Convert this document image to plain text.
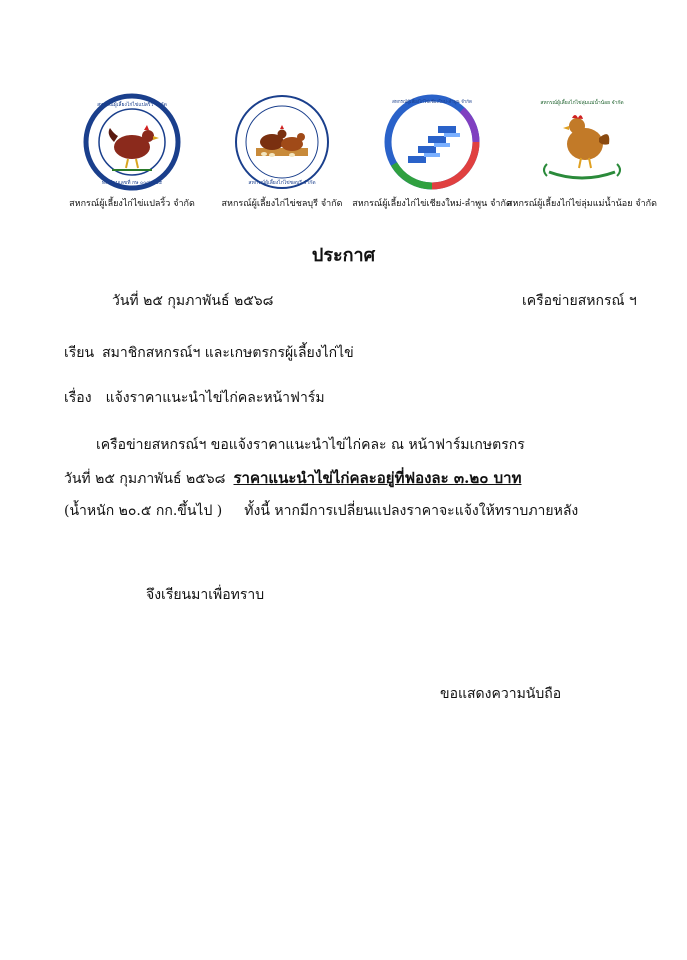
สหกรณ์ผู้เลี้ยงไก่ไข่แปลริ้ว จำกัด
ทะเบียนเลขที่ กษ ๐๐๘๓/๒๕
สหกรณ์ผู้เลี้ยงไก่ไข่แปลริ้ว จำกัด
สหกรณ์ผู้เลี้ยงไก่ไข่ชลบุรี จำกัด
สหกรณ์ผู้เลี้ยงไก่ไข่ชลบุรี จำกัด
สหกรณ์ผู้เลี้ยงไก่ไข่เชียงใหม่-ลำพูน จำกัด
สหกรณ์ผู้เลี้ยงไก่ไข่เชียงใหม่-ลำพูน จำกัด
สหกรณ์ผู้เลี้ยงไก่ไข่ลุ่มแม่น้ำน้อย จำกัด
สหกรณ์ผู้เลี้ยงไก่ไข่ลุ่มแม่น้ำน้อย จำกัด
ประกาศ
วันที่ ๒๕ กุมภาพันธ์ ๒๕๖๘	เครือข่ายสหกรณ์ ฯ
เรียน สมาชิกสหกรณ์ฯ และเกษตรกรผู้เลี้ยงไก่ไข่
เรื่อง แจ้งราคาแนะนำไข่ไก่คละหน้าฟาร์ม
เครือข่ายสหกรณ์ฯ ขอแจ้งราคาแนะนำไข่ไก่คละ ณ หน้าฟาร์มเกษตรกร
วันที่ ๒๕ กุมภาพันธ์ ๒๕๖๘ ราคาแนะนำไข่ไก่คละอยู่ที่ฟองละ ๓.๒๐ บาท
(น้ำหนัก ๒๐.๕ กก.ขึ้นไป ) ทั้งนี้ หากมีการเปลี่ยนแปลงราคาจะแจ้งให้ทราบภายหลัง
จึงเรียนมาเพื่อทราบ
ขอแสดงความนับถือ
